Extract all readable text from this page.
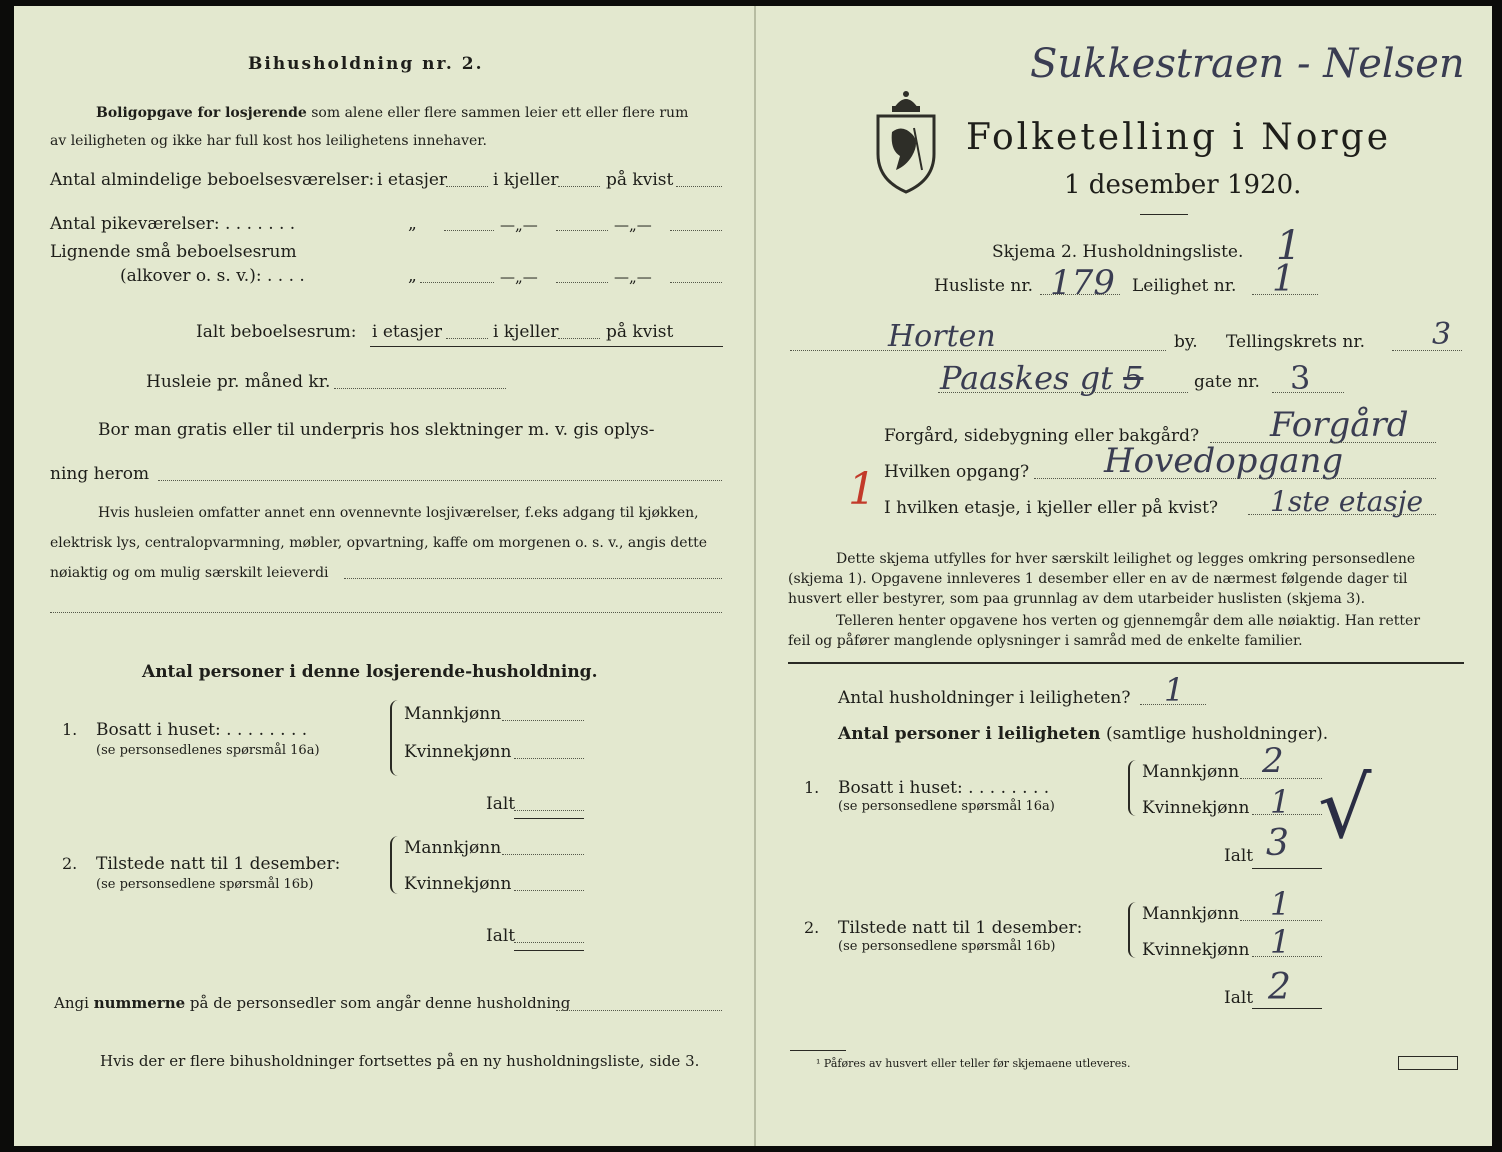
Bihusholdning nr. 2.
Boligopgave for losjerende som alene eller flere sammen leier ett eller flere rum
av leiligheten og ikke har full kost hos leilighetens innehaver.
Antal almindelige beboelsesværelser: i etasjer	i kjeller	på kvist
Antal pikeværelser: . . . . . . .	„	—„—	—„—
Lignende små beboelsesrum
(alkover o. s. v.): . . . .	„	—„—	—„—
Ialt beboelsesrum: i etasjer	i kjeller	på kvist
Husleie pr. måned kr.
Bor man gratis eller til underpris hos slektninger m. v. gis oplys-
ning herom
Hvis husleien omfatter annet enn ovennevnte losjiværelser, f.eks adgang til kjøkken,
elektrisk lys, centralopvarmning, møbler, opvartning, kaffe om morgenen o. s. v., angis dette
nøiaktig og om mulig særskilt leieverdi
Antal personer i denne losjerende-husholdning.
1. Bosatt i huset: . . . . . . . .
(se personsedlenes spørsmål 16a)
Mannkjønn
Kvinnekjønn
Ialt
2. Tilstede natt til 1 desember:
(se personsedlene spørsmål 16b)
Mannkjønn
Kvinnekjønn
Ialt
Angi nummerne på de personsedler som angår denne husholdning
Hvis der er flere bihusholdninger fortsettes på en ny husholdningsliste, side 3.
Sukkestraen - Nelsen
Folketelling i Norge
1 desember 1920.
Skjema 2. Husholdningsliste. 1
Husliste nr. 179 Leilighet nr. 1
Horten	by. Tellingskrets nr. 3
Paaskes gt 5	gate nr. 3
Forgård, sidebygning eller bakgård? Forgård
Hvilken opgang? Hovedopgang
1 I hvilken etasje, i kjeller eller på kvist? 1ste etasje
Dette skjema utfylles for hver særskilt leilighet og legges omkring personsedlene
(skjema 1). Opgavene innleveres 1 desember eller en av de nærmest følgende dager til
husvert eller bestyrer, som paa grunnlag av dem utarbeider huslisten (skjema 3).
Telleren henter opgavene hos verten og gjennemgår dem alle nøiaktig. Han retter
feil og påfører manglende oplysninger i samråd med de enkelte familier.
Antal husholdninger i leiligheten? 1
Antal personer i leiligheten (samtlige husholdninger).
1. Bosatt i huset: . . . . . . . .
(se personsedlene spørsmål 16a)
Mannkjønn 2
Kvinnekjønn 1
Ialt 3 √
2. Tilstede natt til 1 desember:
(se personsedlene spørsmål 16b)
Mannkjønn 1
Kvinnekjønn 1
Ialt 2
¹ Påføres av husvert eller teller før skjemaene utleveres.
